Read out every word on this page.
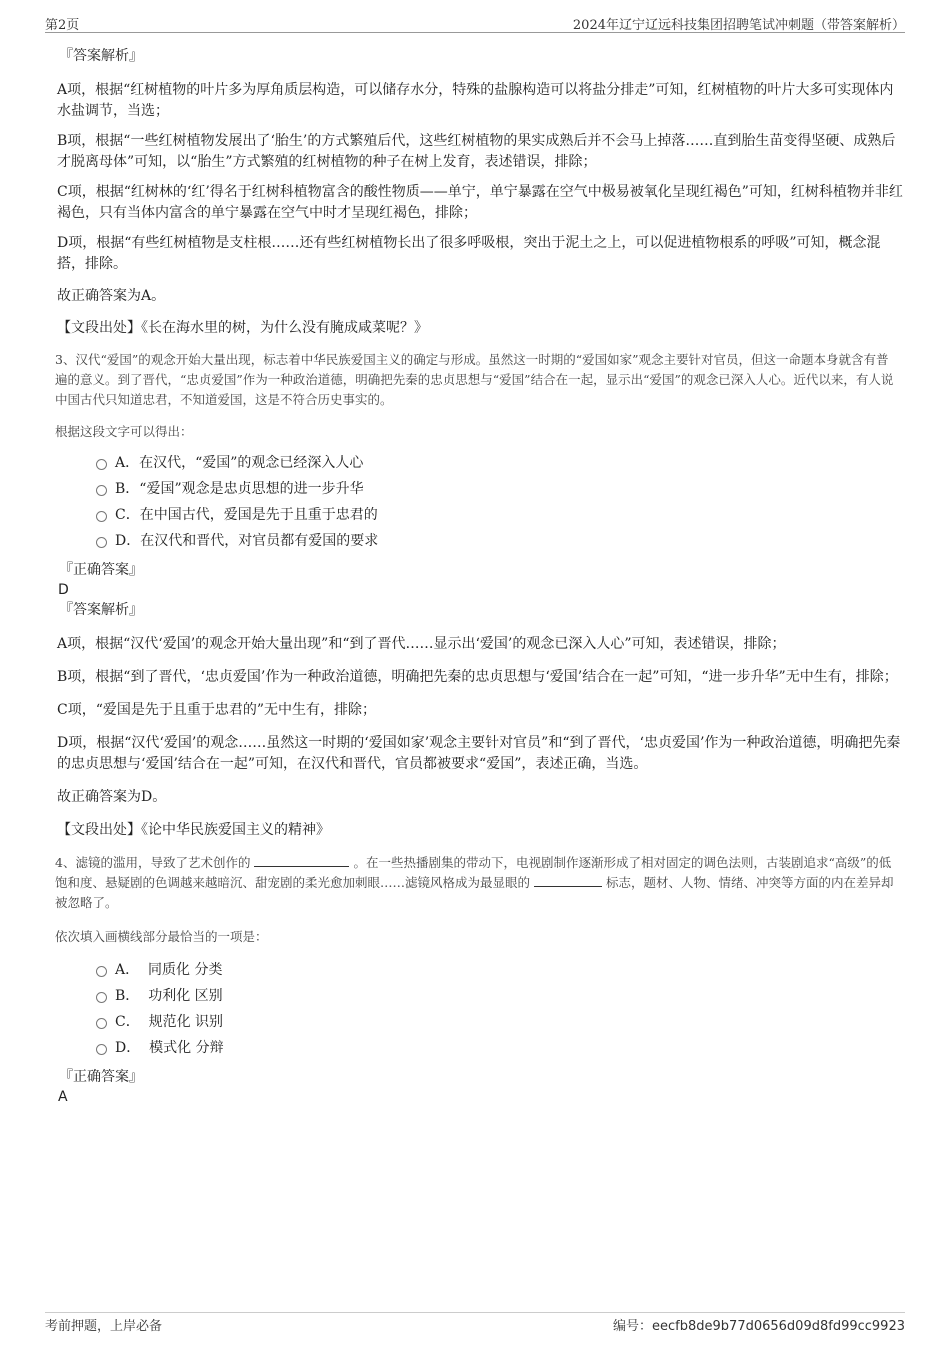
第2页	2024年辽宁辽远科技集团招聘笔试冲刺题（带答案解析）
『答案解析』

A项，根据“红树植物的叶片多为厚角质层构造，可以储存水分，特殊的盐腺构造可以将盐分排走”可知，红树植物的叶片大多可实现体内水盐调节，当选；

B项，根据“一些红树植物发展出了‘胎生’的方式繁殖后代，这些红树植物的果实成熟后并不会马上掉落……直到胎生苗变得坚硬、成熟后才脱离母体”可知，以“胎生”方式繁殖的红树植物的种子在树上发育，表述错误，排除；

C项，根据“红树林的‘红’得名于红树科植物富含的酸性物质——单宁，单宁暴露在空气中极易被氧化呈现红褐色”可知，红树科植物并非红褐色，只有当体内富含的单宁暴露在空气中时才呈现红褐色，排除；

D项，根据“有些红树植物是支柱根……还有些红树植物长出了很多呼吸根，突出于泥土之上，可以促进植物根系的呼吸”可知，概念混搭，排除。

故正确答案为A。

【文段出处】《长在海水里的树，为什么没有腌成咸菜呢？》

3、汉代“爱国”的观念开始大量出现，标志着中华民族爱国主义的确定与形成。虽然这一时期的“爱国如家”观念主要针对官员，但这一命题本身就含有普遍的意义。到了晋代，“忠贞爱国”作为一种政治道德，明确把先秦的忠贞思想与“爱国”结合在一起，显示出“爱国”的观念已深入人心。近代以来，有人说中国古代只知道忠君，不知道爱国，这是不符合历史事实的。
根据这段文字可以得出：
A．在汉代，“爱国”的观念已经深入人心
B．“爱国”观念是忠贞思想的进一步升华
C．在中国古代，爱国是先于且重于忠君的
D．在汉代和晋代，对官员都有爱国的要求
『正确答案』
D
『答案解析』

A项，根据“汉代‘爱国’的观念开始大量出现”和“到了晋代……显示出‘爱国’的观念已深入人心”可知，表述错误，排除；

B项，根据“到了晋代，‘忠贞爱国’作为一种政治道德，明确把先秦的忠贞思想与‘爱国’结合在一起”可知，“进一步升华”无中生有，排除；

C项，“爱国是先于且重于忠君的”无中生有，排除；

D项，根据“汉代‘爱国’的观念……虽然这一时期的‘爱国如家’观念主要针对官员”和“到了晋代，‘忠贞爱国’作为一种政治道德，明确把先秦的忠贞思想与‘爱国’结合在一起”可知，在汉代和晋代，官员都被要求“爱国”，表述正确，当选。

故正确答案为D。

【文段出处】《论中华民族爱国主义的精神》

4、滤镜的滥用，导致了艺术创作的	。在一些热播剧集的带动下，电视剧制作逐渐形成了相对固定的调色法则，古装剧追求“高级”的低饱和度、悬疑剧的色调越来越暗沉、甜宠剧的柔光愈加刺眼……滤镜风格成为最显眼的	标志，题材、人物、情绪、冲突等方面的内在差异却被忽略了。
依次填入画横线部分最恰当的一项是：
A．  同质化 分类
B．  功利化 区别
C．  规范化 识别
D．  模式化 分辩
『正确答案』
A
考前押题，上岸必备	编号：eecfb8de9b77d0656d09d8fd99cc9923
